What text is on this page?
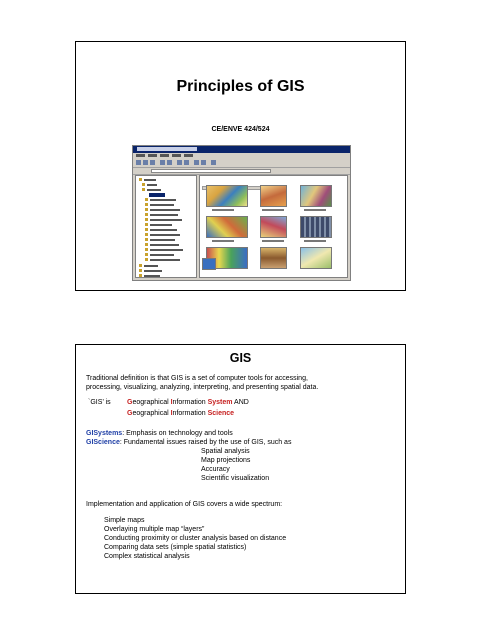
Principles of GIS
CE/ENVE 424/524
GIS
Traditional definition is that GIS is a set of computer tools for accessing,
processing, visualizing, analyzing, interpreting, and presenting spatial data.
`GIS’ is Geographical Information System AND
Geographical Information Science
GISystems: Emphasis on technology and tools
GIScience: Fundamental issues raised by the use of GIS, such as
Spatial analysis
Map projections
Accuracy
Scientific visualization
Implementation and application of GIS covers a wide spectrum:
Simple maps
Overlaying multiple map “layers”
Conducting proximity or cluster analysis based on distance
Comparing data sets (simple spatial statistics)
Complex statistical analysis
